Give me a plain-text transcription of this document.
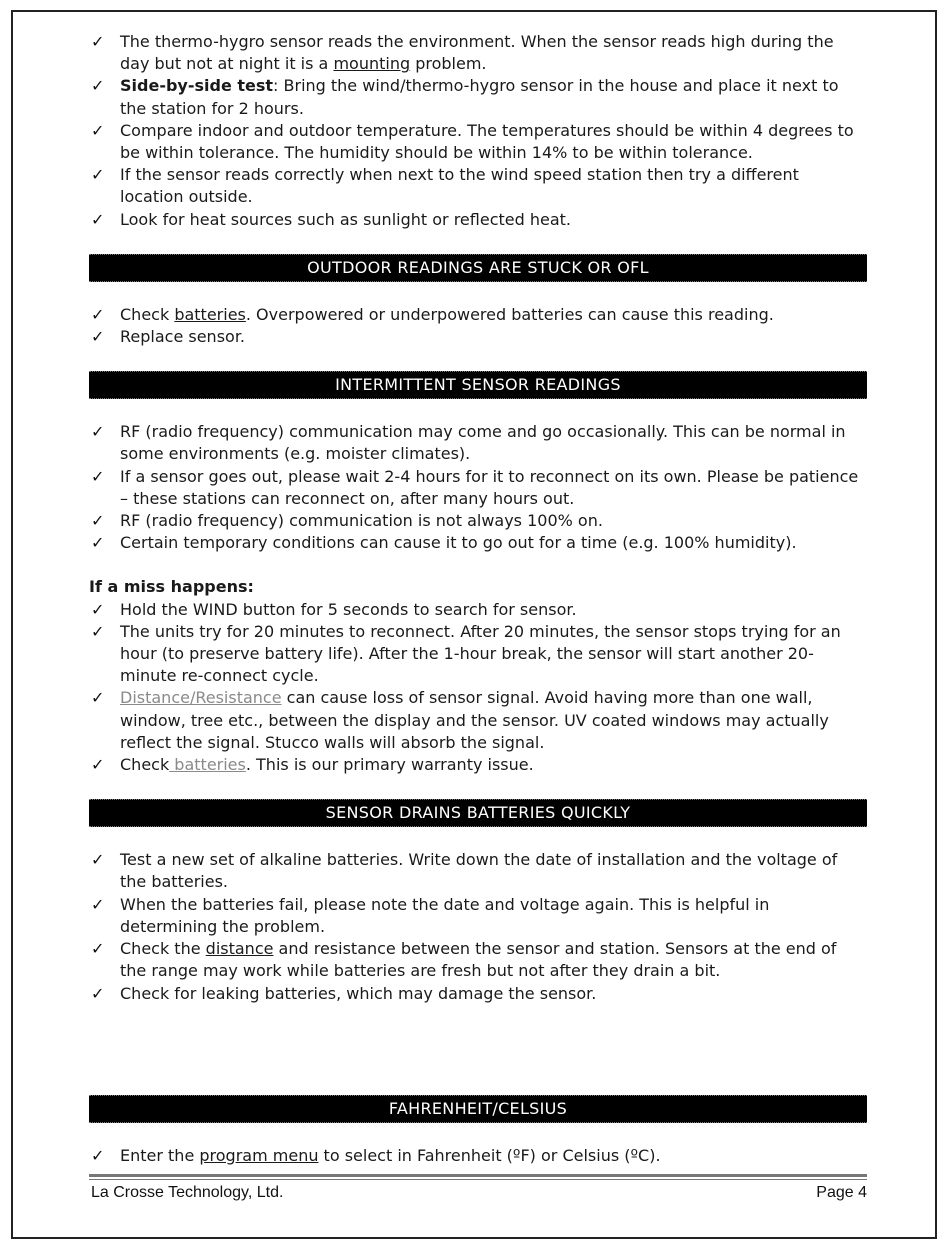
✓ The thermo-hygro sensor reads the environment. When the sensor reads high during the day but not at night it is a mounting problem.
✓ Side-by-side test: Bring the wind/thermo-hygro sensor in the house and place it next to the station for 2 hours.
✓ Compare indoor and outdoor temperature. The temperatures should be within 4 degrees to be within tolerance. The humidity should be within 14% to be within tolerance.
✓ If the sensor reads correctly when next to the wind speed station then try a different location outside.
✓ Look for heat sources such as sunlight or reflected heat.
OUTDOOR READINGS ARE STUCK OR OFL
✓ Check batteries. Overpowered or underpowered batteries can cause this reading.
✓ Replace sensor.
INTERMITTENT SENSOR READINGS
✓ RF (radio frequency) communication may come and go occasionally. This can be normal in some environments (e.g. moister climates).
✓ If a sensor goes out, please wait 2-4 hours for it to reconnect on its own. Please be patience – these stations can reconnect on, after many hours out.
✓ RF (radio frequency) communication is not always 100% on.
✓ Certain temporary conditions can cause it to go out for a time (e.g. 100% humidity).
If a miss happens:
✓ Hold the WIND button for 5 seconds to search for sensor.
✓ The units try for 20 minutes to reconnect. After 20 minutes, the sensor stops trying for an hour (to preserve battery life). After the 1-hour break, the sensor will start another 20-minute re-connect cycle.
✓ Distance/Resistance can cause loss of sensor signal. Avoid having more than one wall, window, tree etc., between the display and the sensor. UV coated windows may actually reflect the signal. Stucco walls will absorb the signal.
✓ Check batteries. This is our primary warranty issue.
SENSOR DRAINS BATTERIES QUICKLY
✓ Test a new set of alkaline batteries. Write down the date of installation and the voltage of the batteries.
✓ When the batteries fail, please note the date and voltage again. This is helpful in determining the problem.
✓ Check the distance and resistance between the sensor and station. Sensors at the end of the range may work while batteries are fresh but not after they drain a bit.
✓ Check for leaking batteries, which may damage the sensor.
FAHRENHEIT/CELSIUS
✓ Enter the program menu to select in Fahrenheit (ºF) or Celsius (ºC).
La Crosse Technology, Ltd.	Page 4
